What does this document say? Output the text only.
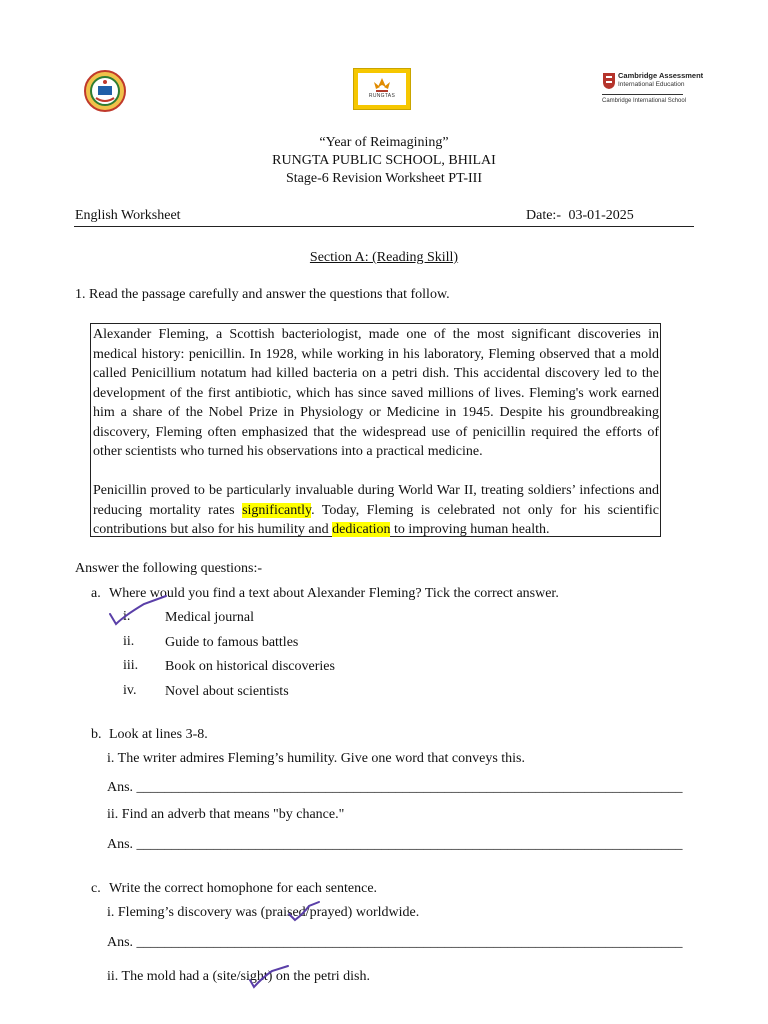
RUNGTAS
Cambridge Assessment
International Education
Cambridge International School
“Year of Reimagining”
RUNGTA PUBLIC SCHOOL, BHILAI
Stage-6 Revision Worksheet PT-III
English Worksheet	Date:- 03-01-2025
Section A: (Reading Skill)
1. Read the passage carefully and answer the questions that follow.

Alexander Fleming, a Scottish bacteriologist, made one of the most significant discoveries in medical history: penicillin. In 1928, while working in his laboratory, Fleming observed that a mold called Penicillium notatum had killed bacteria on a petri dish. This accidental discovery led to the development of the first antibiotic, which has since saved millions of lives. Fleming's work earned him a share of the Nobel Prize in Physiology or Medicine in 1945. Despite his groundbreaking discovery, Fleming often emphasized that the widespread use of penicillin required the efforts of other scientists who turned his observations into a practical medicine.

Penicillin proved to be particularly invaluable during World War II, treating soldiers’ infections and reducing mortality rates significantly. Today, Fleming is celebrated not only for his scientific contributions but also for his humility and dedication to improving human health.

Answer the following questions:-
a. Where would you find a text about Alexander Fleming? Tick the correct answer.
i. Medical journal
ii. Guide to famous battles
iii. Book on historical discoveries
iv. Novel about scientists
b. Look at lines 3-8.
i. The writer admires Fleming’s humility. Give one word that conveys this.
Ans. ______________________________________________________________________________
ii. Find an adverb that means "by chance."
Ans. ______________________________________________________________________________
c. Write the correct homophone for each sentence.
i. Fleming’s discovery was (praised/prayed) worldwide.
Ans. ______________________________________________________________________________
ii. The mold had a (site/sight) on the petri dish.
